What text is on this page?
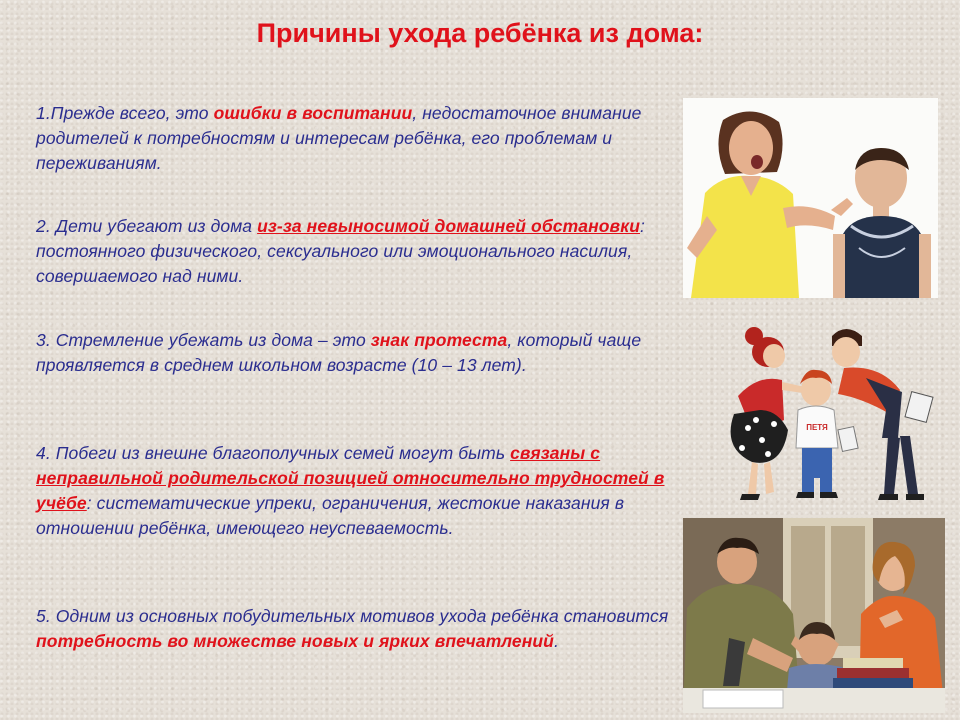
Причины ухода ребёнка из дома:

1.Прежде всего, это ошибки в воспитании, недостаточное внимание родителей к потребностям и интересам ребёнка, его проблемам и переживаниям.

2. Дети убегают из дома из-за невыносимой домашней обстановки: постоянного физического, сексуального или эмоционального насилия, совершаемого над ними.

3. Стремление убежать из дома – это знак протеста, который чаще проявляется в среднем школьном возрасте (10 – 13 лет).

4. Побеги из внешне благополучных семей могут быть связаны с неправильной родительской позицией относительно трудностей в учёбе: систематические упреки, ограничения, жестокие наказания в отношении ребёнка, имеющего неуспеваемость.

5. Одним из основных побудительных мотивов ухода ребёнка становится потребность во множестве новых и ярких впечатлений.

ПЕТЯ
